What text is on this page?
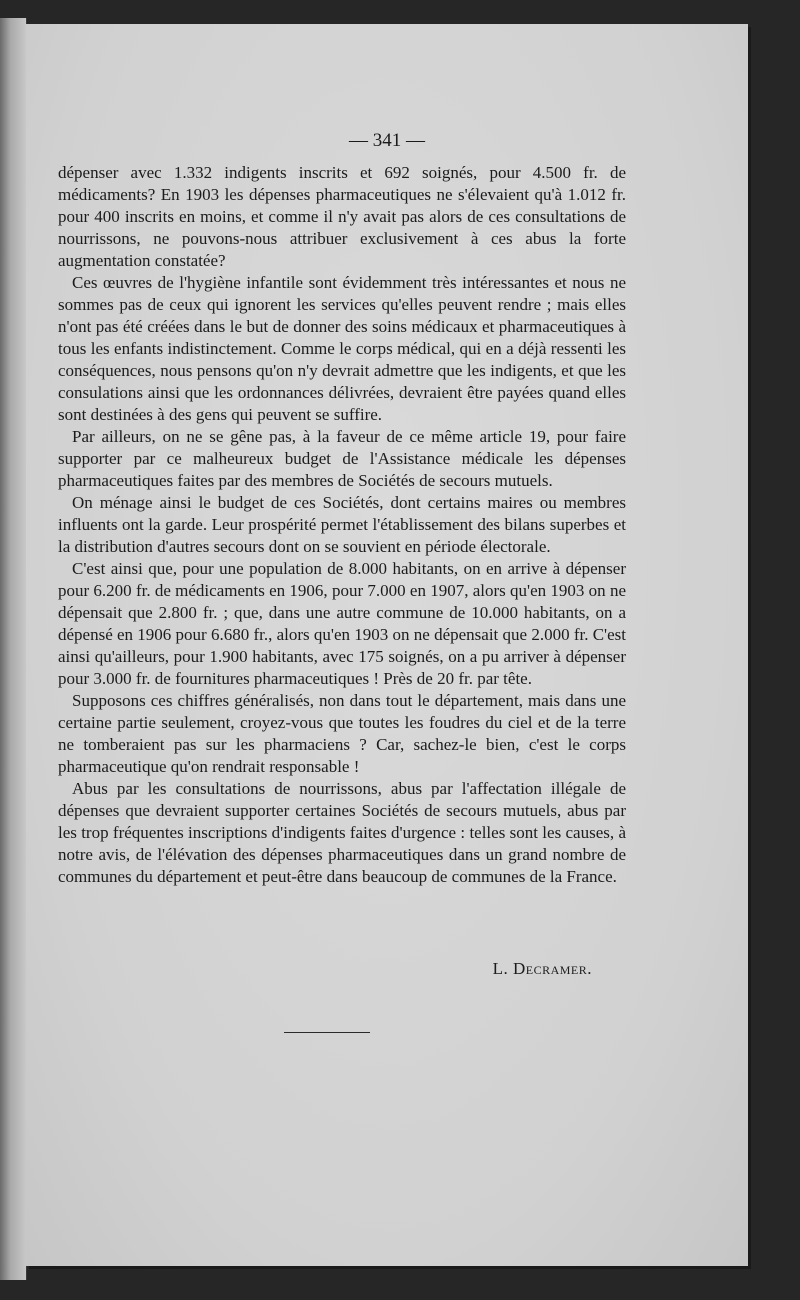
— 341 —

dépenser avec 1.332 indigents inscrits et 692 soignés, pour 4.500 fr. de médicaments? En 1903 les dépenses pharmaceutiques ne s'élevaient qu'à 1.012 fr. pour 400 inscrits en moins, et comme il n'y avait pas alors de ces consultations de nourrissons, ne pouvons-nous attribuer exclusivement à ces abus la forte augmentation constatée?

Ces œuvres de l'hygiène infantile sont évidemment très intéressantes et nous ne sommes pas de ceux qui ignorent les services qu'elles peuvent rendre ; mais elles n'ont pas été créées dans le but de donner des soins médicaux et pharmaceutiques à tous les enfants indistinctement. Comme le corps médical, qui en a déjà ressenti les conséquences, nous pensons qu'on n'y devrait admettre que les indigents, et que les consulations ainsi que les ordonnances délivrées, devraient être payées quand elles sont destinées à des gens qui peuvent se suffire.

Par ailleurs, on ne se gêne pas, à la faveur de ce même article 19, pour faire supporter par ce malheureux budget de l'Assistance médicale les dépenses pharmaceutiques faites par des membres de Sociétés de secours mutuels.

On ménage ainsi le budget de ces Sociétés, dont certains maires ou membres influents ont la garde. Leur prospérité permet l'établissement des bilans superbes et la distribution d'autres secours dont on se souvient en période électorale.

C'est ainsi que, pour une population de 8.000 habitants, on en arrive à dépenser pour 6.200 fr. de médicaments en 1906, pour 7.000 en 1907, alors qu'en 1903 on ne dépensait que 2.800 fr. ; que, dans une autre commune de 10.000 habitants, on a dépensé en 1906 pour 6.680 fr., alors qu'en 1903 on ne dépensait que 2.000 fr. C'est ainsi qu'ailleurs, pour 1.900 habitants, avec 175 soignés, on a pu arriver à dépenser pour 3.000 fr. de fournitures pharmaceutiques ! Près de 20 fr. par tête.

Supposons ces chiffres généralisés, non dans tout le département, mais dans une certaine partie seulement, croyez-vous que toutes les foudres du ciel et de la terre ne tomberaient pas sur les pharmaciens ? Car, sachez-le bien, c'est le corps pharmaceutique qu'on rendrait responsable !

Abus par les consultations de nourrissons, abus par l'affectation illégale de dépenses que devraient supporter certaines Sociétés de secours mutuels, abus par les trop fréquentes inscriptions d'indigents faites d'urgence : telles sont les causes, à notre avis, de l'élévation des dépenses pharmaceutiques dans un grand nombre de communes du département et peut-être dans beaucoup de communes de la France.

L. Decramer.
